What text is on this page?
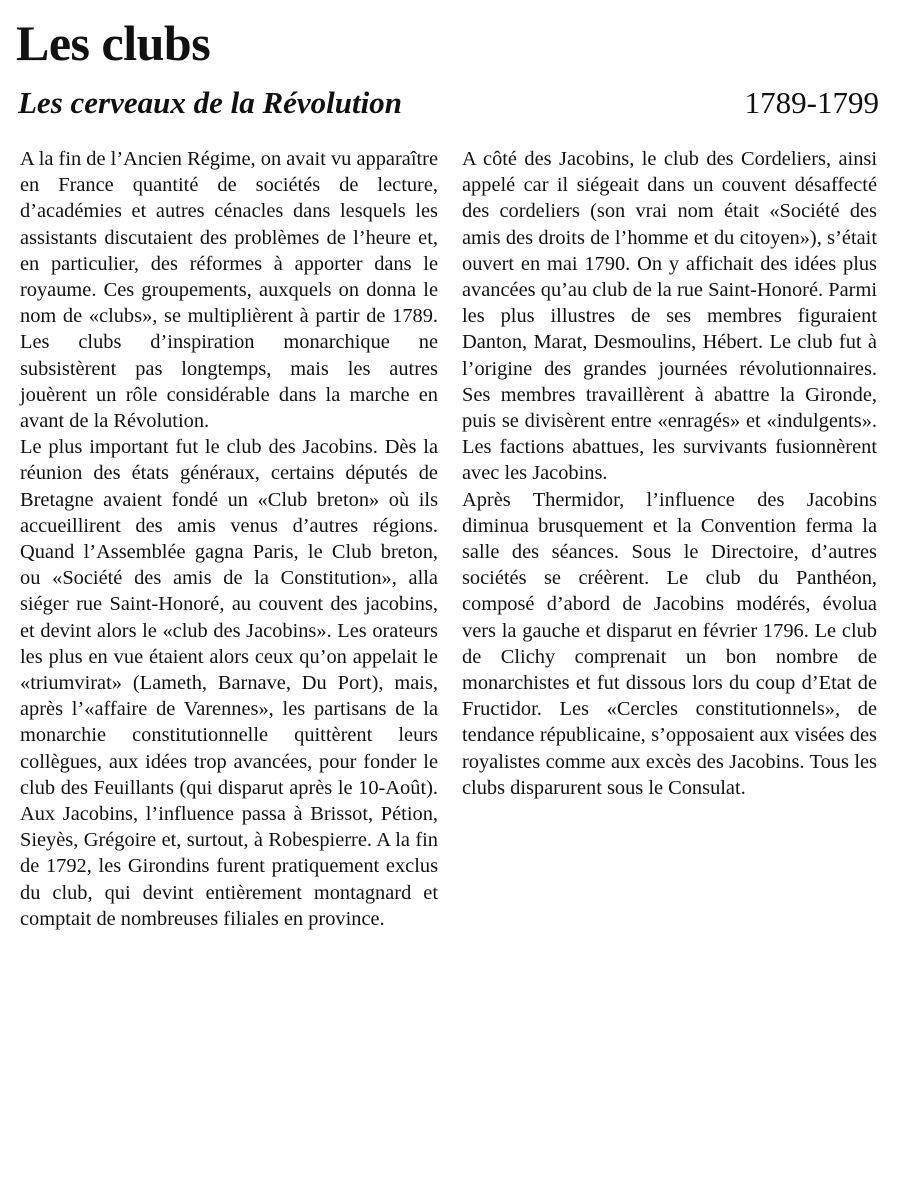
Les clubs
Les cerveaux de la Révolution	1789-1799

A la fin de l’Ancien Régime, on avait vu apparaître en France quantité de sociétés de lecture, d’académies et autres cénacles dans lesquels les assistants discutaient des problèmes de l’heure et, en particulier, des réformes à apporter dans le royaume. Ces groupements, auxquels on donna le nom de «clubs», se multiplièrent à partir de 1789. Les clubs d’inspiration monarchique ne subsistèrent pas longtemps, mais les autres jouèrent un rôle considérable dans la marche en avant de la Révolution.

Le plus important fut le club des Jacobins. Dès la réunion des états généraux, certains députés de Bretagne avaient fondé un «Club breton» où ils accueillirent des amis venus d’autres régions. Quand l’Assemblée gagna Paris, le Club breton, ou «Société des amis de la Constitution», alla siéger rue Saint-Honoré, au couvent des jacobins, et devint alors le «club des Jacobins». Les orateurs les plus en vue étaient alors ceux qu’on appelait le «triumvirat» (Lameth, Barnave, Du Port), mais, après l’«affaire de Varennes», les partisans de la monarchie constitutionnelle quittèrent leurs collègues, aux idées trop avancées, pour fonder le club des Feuillants (qui disparut après le 10-Août). Aux Jacobins, l’influence passa à Brissot, Pétion, Sieyès, Grégoire et, surtout, à Robespierre. A la fin de 1792, les Girondins furent pratiquement exclus du club, qui devint entièrement montagnard et comptait de nombreuses filiales en province.

A côté des Jacobins, le club des Cordeliers, ainsi appelé car il siégeait dans un couvent désaffecté des cordeliers (son vrai nom était «Société des amis des droits de l’homme et du citoyen»), s’était ouvert en mai 1790. On y affichait des idées plus avancées qu’au club de la rue Saint-Honoré. Parmi les plus illustres de ses membres figuraient Danton, Marat, Desmoulins, Hébert. Le club fut à l’origine des grandes journées révolutionnaires. Ses membres travaillèrent à abattre la Gironde, puis se divisèrent entre «enragés» et «indulgents». Les factions abattues, les survivants fusionnèrent avec les Jacobins.

Après Thermidor, l’influence des Jacobins diminua brusquement et la Convention ferma la salle des séances. Sous le Directoire, d’autres sociétés se créèrent. Le club du Panthéon, composé d’abord de Jacobins modérés, évolua vers la gauche et disparut en février 1796. Le club de Clichy comprenait un bon nombre de monarchistes et fut dissous lors du coup d’Etat de Fructidor. Les «Cercles constitutionnels», de tendance républicaine, s’opposaient aux visées des royalistes comme aux excès des Jacobins. Tous les clubs disparurent sous le Consulat.
